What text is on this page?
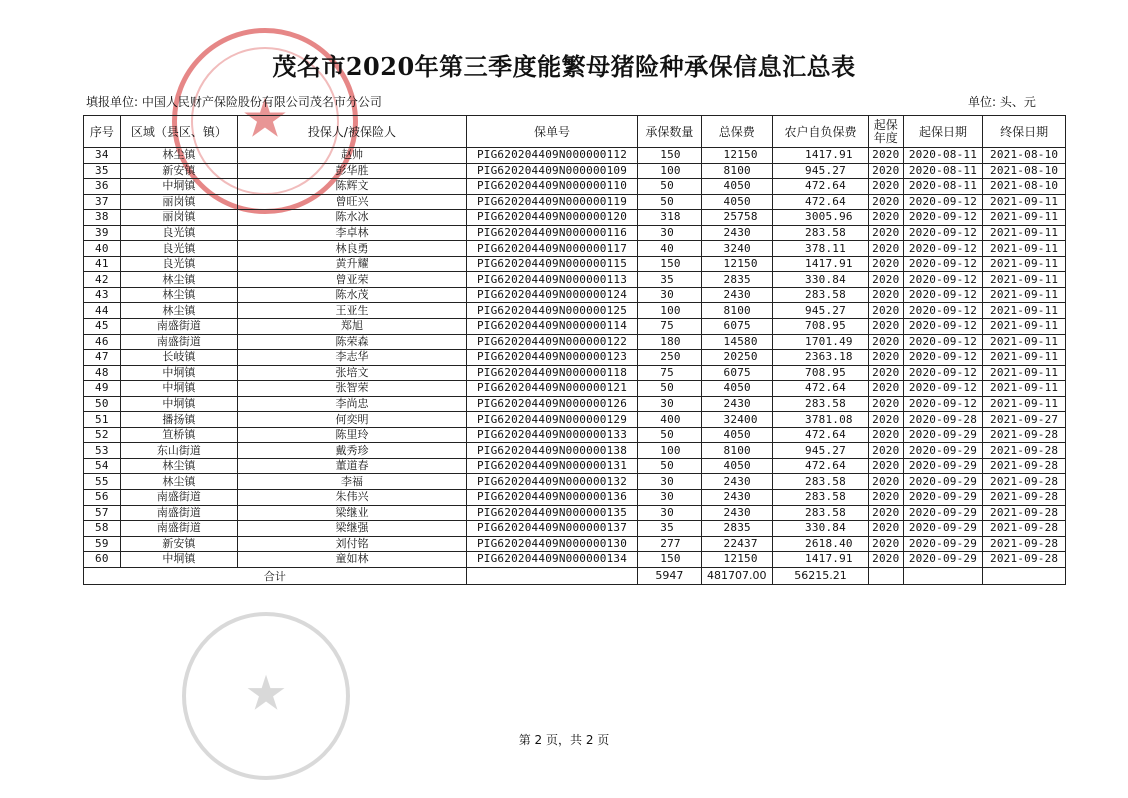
★
★
茂名市2020年第三季度能繁母猪险种承保信息汇总表
填报单位: 中国人民财产保险股份有限公司茂名市分公司	单位: 头、元
序号	区域（县区、镇）	投保人/被保险人	保单号	承保数量	总保费	农户自负保费	起保年度	起保日期	终保日期
34	林尘镇	赵帅	PIG620204409N000000112	150	12150	1417.91	2020	2020-08-11	2021-08-10
35	新安镇	彭华胜	PIG620204409N000000109	100	8100	945.27	2020	2020-08-11	2021-08-10
36	中垌镇	陈辉文	PIG620204409N000000110	50	4050	472.64	2020	2020-08-11	2021-08-10
37	丽岗镇	曾旺兴	PIG620204409N000000119	50	4050	472.64	2020	2020-09-12	2021-09-11
38	丽岗镇	陈水冰	PIG620204409N000000120	318	25758	3005.96	2020	2020-09-12	2021-09-11
39	良光镇	李卓林	PIG620204409N000000116	30	2430	283.58	2020	2020-09-12	2021-09-11
40	良光镇	林良勇	PIG620204409N000000117	40	3240	378.11	2020	2020-09-12	2021-09-11
41	良光镇	黄升耀	PIG620204409N000000115	150	12150	1417.91	2020	2020-09-12	2021-09-11
42	林尘镇	曾亚荣	PIG620204409N000000113	35	2835	330.84	2020	2020-09-12	2021-09-11
43	林尘镇	陈水茂	PIG620204409N000000124	30	2430	283.58	2020	2020-09-12	2021-09-11
44	林尘镇	王亚生	PIG620204409N000000125	100	8100	945.27	2020	2020-09-12	2021-09-11
45	南盛街道	郑旭	PIG620204409N000000114	75	6075	708.95	2020	2020-09-12	2021-09-11
46	南盛街道	陈荣森	PIG620204409N000000122	180	14580	1701.49	2020	2020-09-12	2021-09-11
47	长岐镇	李志华	PIG620204409N000000123	250	20250	2363.18	2020	2020-09-12	2021-09-11
48	中垌镇	张培文	PIG620204409N000000118	75	6075	708.95	2020	2020-09-12	2021-09-11
49	中垌镇	张智荣	PIG620204409N000000121	50	4050	472.64	2020	2020-09-12	2021-09-11
50	中垌镇	李尚忠	PIG620204409N000000126	30	2430	283.58	2020	2020-09-12	2021-09-11
51	播扬镇	何奕明	PIG620204409N000000129	400	32400	3781.08	2020	2020-09-28	2021-09-27
52	笪桥镇	陈里玲	PIG620204409N000000133	50	4050	472.64	2020	2020-09-29	2021-09-28
53	东山街道	戴秀珍	PIG620204409N000000138	100	8100	945.27	2020	2020-09-29	2021-09-28
54	林尘镇	董道春	PIG620204409N000000131	50	4050	472.64	2020	2020-09-29	2021-09-28
55	林尘镇	李福	PIG620204409N000000132	30	2430	283.58	2020	2020-09-29	2021-09-28
56	南盛街道	朱伟兴	PIG620204409N000000136	30	2430	283.58	2020	2020-09-29	2021-09-28
57	南盛街道	梁继业	PIG620204409N000000135	30	2430	283.58	2020	2020-09-29	2021-09-28
58	南盛街道	梁继强	PIG620204409N000000137	35	2835	330.84	2020	2020-09-29	2021-09-28
59	新安镇	刘付铭	PIG620204409N000000130	277	22437	2618.40	2020	2020-09-29	2021-09-28
60	中垌镇	童如林	PIG620204409N000000134	150	12150	1417.91	2020	2020-09-29	2021-09-28
合计				5947	481707.00	56215.21			
第 2 页，共 2 页
